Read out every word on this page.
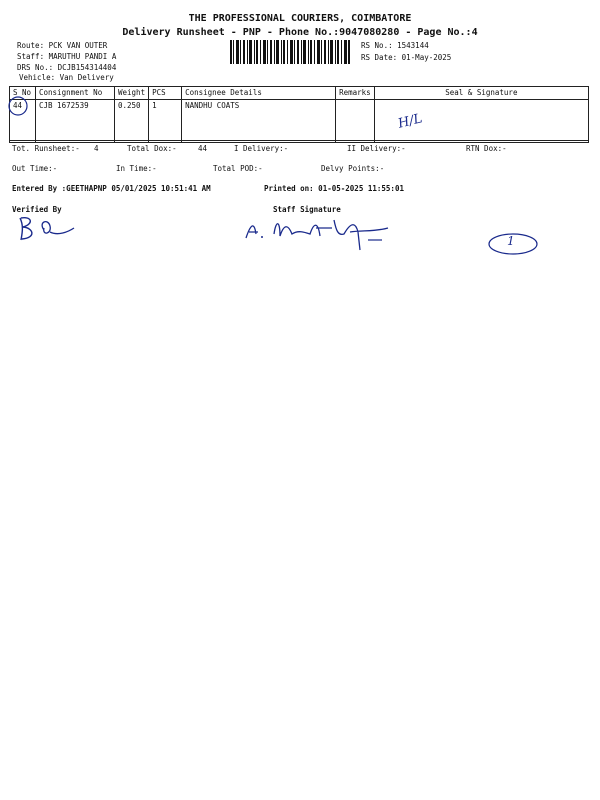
THE PROFESSIONAL COURIERS, COIMBATORE
Delivery Runsheet - PNP - Phone No.:9047080280 - Page No.:4
Route: PCK VAN OUTER
Staff: MARUTHU PANDI A
DRS No.: DCJB154314404
Vehicle: Van Delivery
RS No.: 1543144
RS Date: 01-May-2025
S No	Consignment No	Weight	PCS	Consignee Details	Remarks	Seal & Signature
44	CJB 1672539	0.250	1	NANDHU COATS		
Tot. Runsheet:- 4	Total Dox:-	44	I Delivery:-	II Delivery:-	RTN Dox:-
Out Time:-	In Time:-	Total POD:-	Delvy Points:-
Entered By :GEETHAPNP 05/01/2025 10:51:41 AM	Printed on: 01-05-2025 11:55:01
Verified By	Staff Signature
H/L
1
